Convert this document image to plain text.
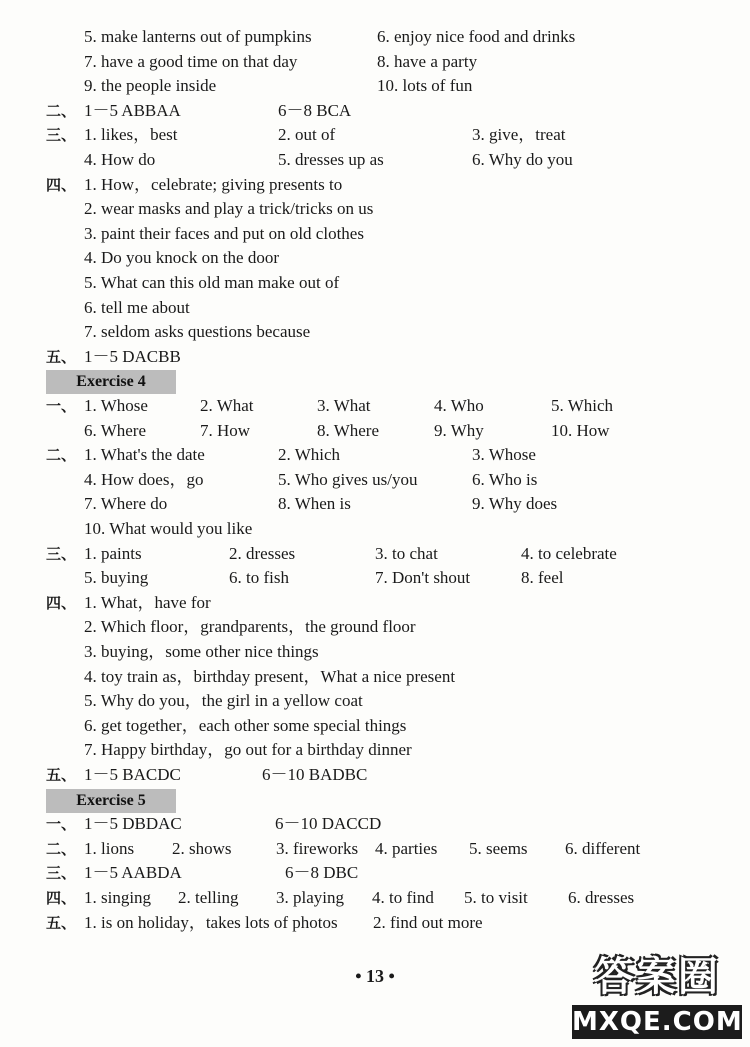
5. make lanterns out of pumpkins	6. enjoy nice food and drinks
7. have a good time on that day	8. have a party
9. the people inside	10. lots of fun
二、 1－5 ABBAA	6－8 BCA
三、 1. likes，best	2. out of	3. give，treat
4. How do	5. dresses up as	6. Why do you
四、 1. How，celebrate; giving presents to
2. wear masks and play a trick/tricks on us
3. paint their faces and put on old clothes
4. Do you knock on the door
5. What can this old man make out of
6. tell me about
7. seldom asks questions because
五、 1－5 DACBB
Exercise 4
一、 1. Whose	2. What	3. What	4. Who	5. Which
6. Where	7. How	8. Where	9. Why	10. How
二、 1. What's the date	2. Which	3. Whose
4. How does，go	5. Who gives us/you	6. Who is
7. Where do	8. When is	9. Why does
10. What would you like
三、 1. paints	2. dresses	3. to chat	4. to celebrate
5. buying	6. to fish	7. Don't shout	8. feel
四、 1. What，have for
2. Which floor，grandparents，the ground floor
3. buying，some other nice things
4. toy train as，birthday present，What a nice present
5. Why do you，the girl in a yellow coat
6. get together，each other some special things
7. Happy birthday，go out for a birthday dinner
五、 1－5 BACDC	6－10 BADBC
Exercise 5
一、 1－5 DBDAC	6－10 DACCD
二、 1. lions 2. shows	3. fireworks 4. parties 5. seems 6. different
三、 1－5 AABDA	6－8 DBC
四、 1. singing 2. telling 3. playing 4. to find 5. to visit 6. dresses
五、 1. is on holiday，takes lots of photos 2. find out more
• 13 •	答案圈
MXQE.COM
